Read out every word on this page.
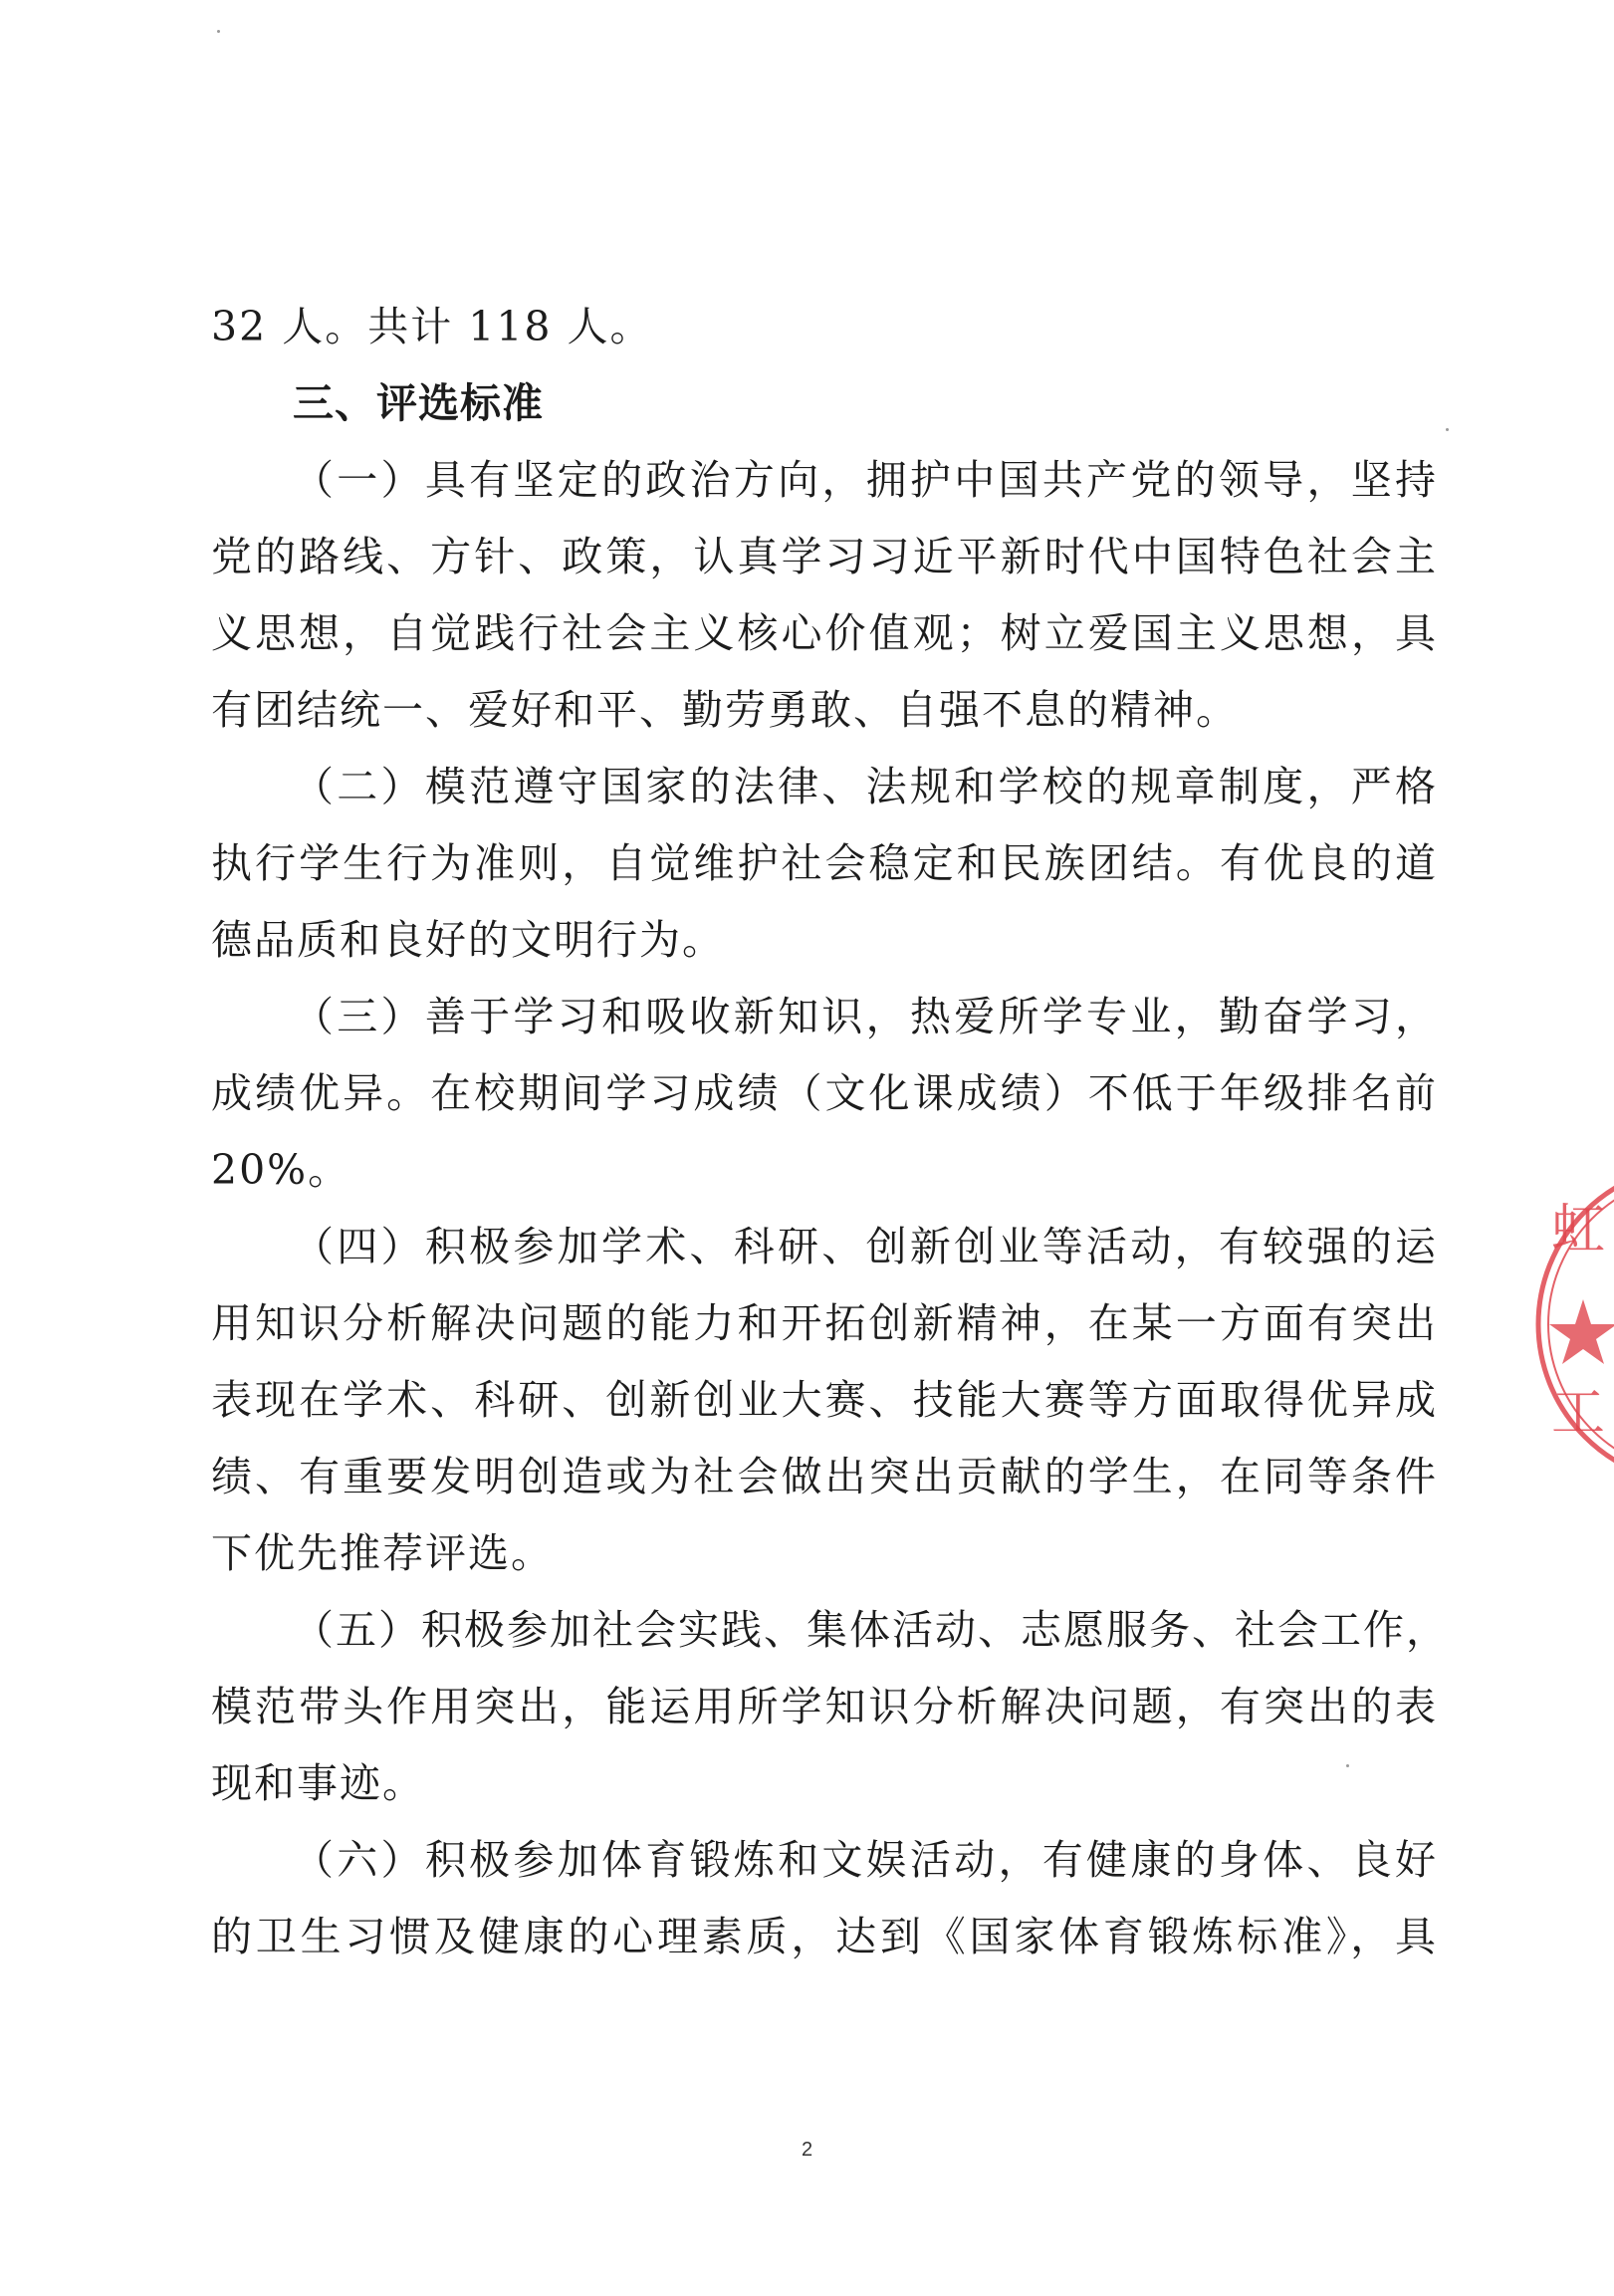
32 人。共计 118 人。
三、评选标准
（一）具有坚定的政治方向，拥护中国共产党的领导，坚持
党的路线、方针、政策，认真学习习近平新时代中国特色社会主
义思想，自觉践行社会主义核心价值观；树立爱国主义思想，具
有团结统一、爱好和平、勤劳勇敢、自强不息的精神。
（二）模范遵守国家的法律、法规和学校的规章制度，严格
执行学生行为准则，自觉维护社会稳定和民族团结。有优良的道
德品质和良好的文明行为。
（三）善于学习和吸收新知识，热爱所学专业，勤奋学习，
成绩优异。在校期间学习成绩（文化课成绩）不低于年级排名前
20%。
（四）积极参加学术、科研、创新创业等活动，有较强的运
用知识分析解决问题的能力和开拓创新精神，在某一方面有突出
表现在学术、科研、创新创业大赛、技能大赛等方面取得优异成
绩、有重要发明创造或为社会做出突出贡献的学生，在同等条件
下优先推荐评选。
（五）积极参加社会实践、集体活动、志愿服务、社会工作，
模范带头作用突出，能运用所学知识分析解决问题，有突出的表
现和事迹。
（六）积极参加体育锻炼和文娱活动，有健康的身体、良好
的卫生习惯及健康的心理素质，达到《国家体育锻炼标准》，具
2
虹
工
